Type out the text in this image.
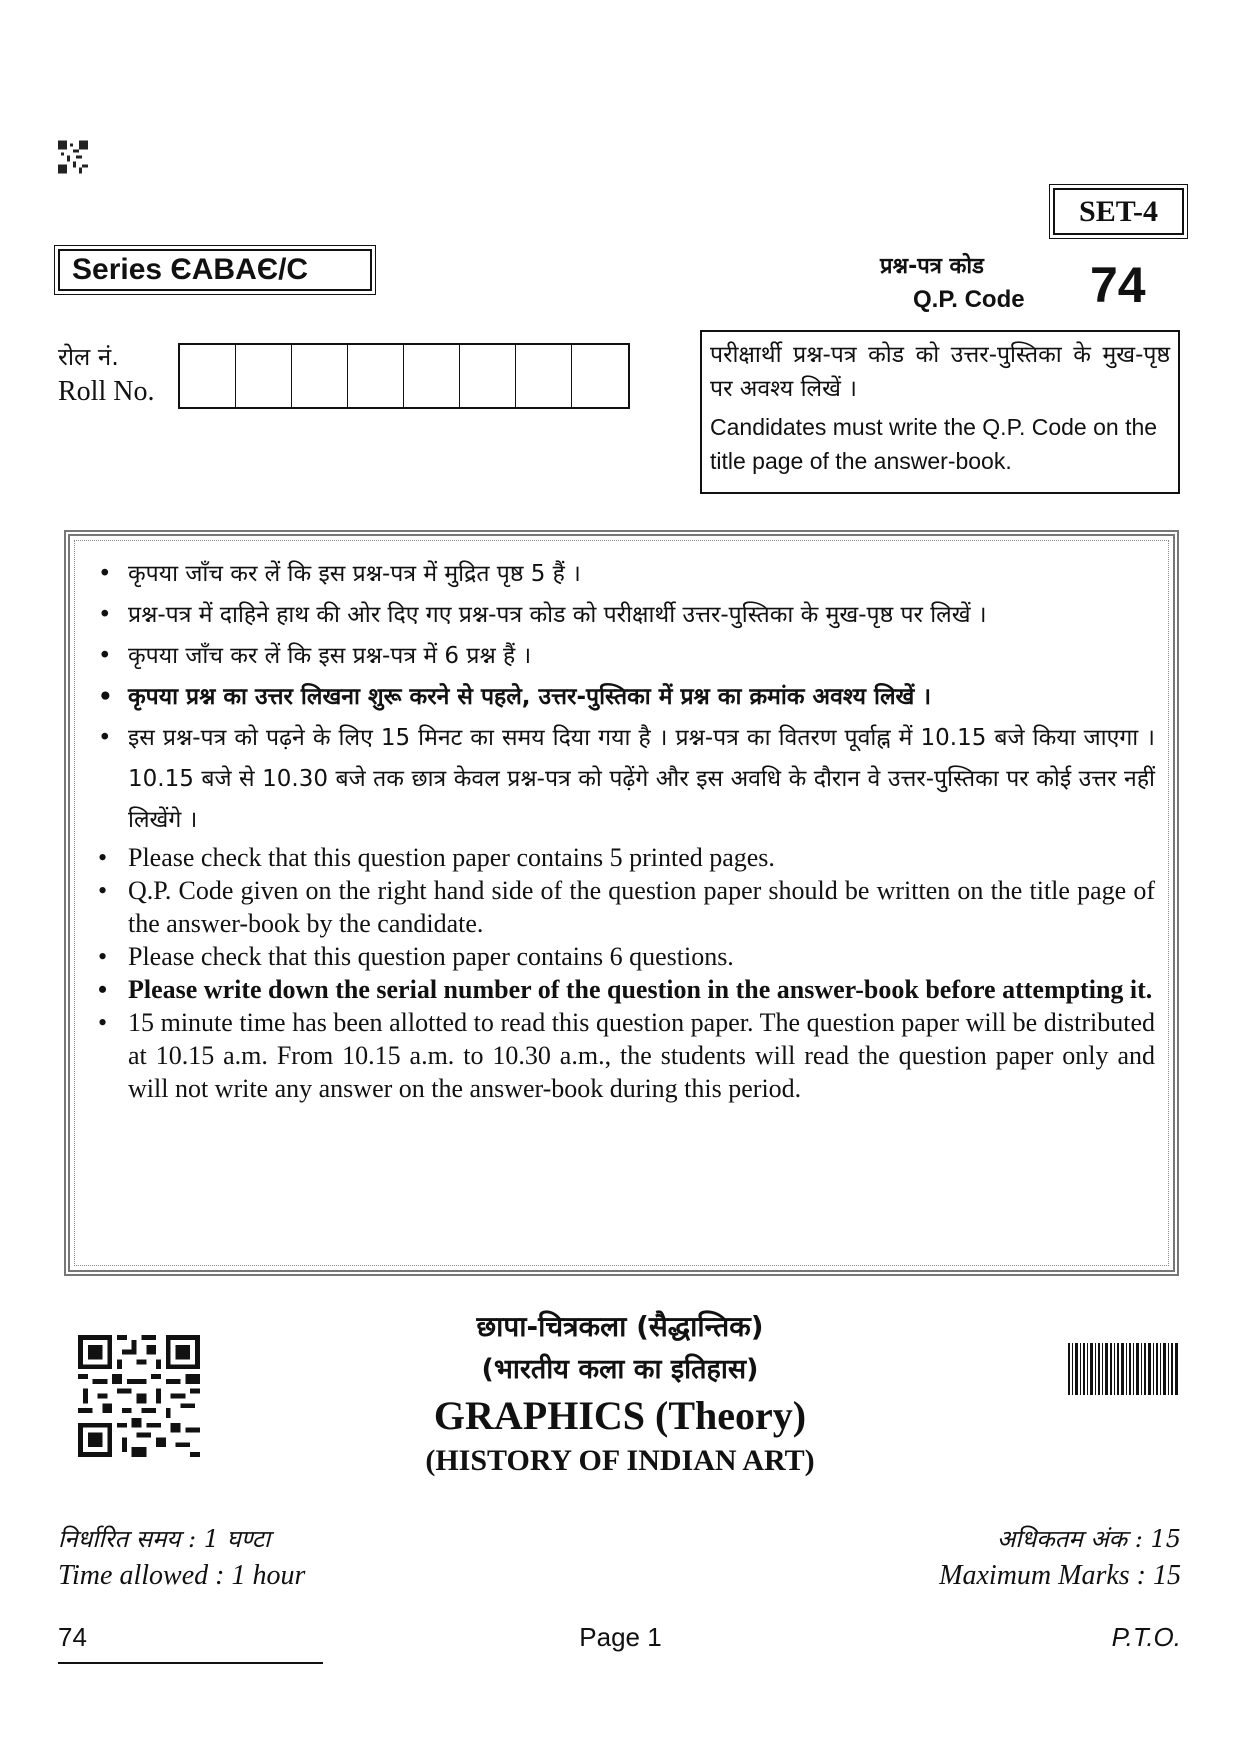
SET-4
Series ЄABAЄ/C	प्रश्न-पत्र कोड
Q.P. Code 74
रोल नं.
Roll No.
परीक्षार्थी प्रश्न-पत्र कोड को उत्तर-पुस्तिका के मुख-पृष्ठ पर अवश्य लिखें ।
Candidates must write the Q.P. Code on the title page of the answer-book.
• कृपया जाँच कर लें कि इस प्रश्न-पत्र में मुद्रित पृष्ठ 5 हैं ।
• प्रश्न-पत्र में दाहिने हाथ की ओर दिए गए प्रश्न-पत्र कोड को परीक्षार्थी उत्तर-पुस्तिका के मुख-पृष्ठ पर लिखें ।
• कृपया जाँच कर लें कि इस प्रश्न-पत्र में 6 प्रश्न हैं ।
• कृपया प्रश्न का उत्तर लिखना शुरू करने से पहले, उत्तर-पुस्तिका में प्रश्न का क्रमांक अवश्य लिखें ।
• इस प्रश्न-पत्र को पढ़ने के लिए 15 मिनट का समय दिया गया है । प्रश्न-पत्र का वितरण पूर्वाह्न में 10.15 बजे किया जाएगा । 10.15 बजे से 10.30 बजे तक छात्र केवल प्रश्न-पत्र को पढ़ेंगे और इस अवधि के दौरान वे उत्तर-पुस्तिका पर कोई उत्तर नहीं लिखेंगे ।
• Please check that this question paper contains 5 printed pages.
• Q.P. Code given on the right hand side of the question paper should be written on the title page of the answer-book by the candidate.
• Please check that this question paper contains 6 questions.
• Please write down the serial number of the question in the answer-book before attempting it.
• 15 minute time has been allotted to read this question paper. The question paper will be distributed at 10.15 a.m. From 10.15 a.m. to 10.30 a.m., the students will read the question paper only and will not write any answer on the answer-book during this period.
छापा-चित्रकला (सैद्धान्तिक)
(भारतीय कला का इतिहास)
GRAPHICS (Theory)
(HISTORY OF INDIAN ART)
निर्धारित समय : 1 घण्टा
Time allowed : 1 hour
अधिकतम अंक : 15
Maximum Marks : 15
74	Page 1	P.T.O.
